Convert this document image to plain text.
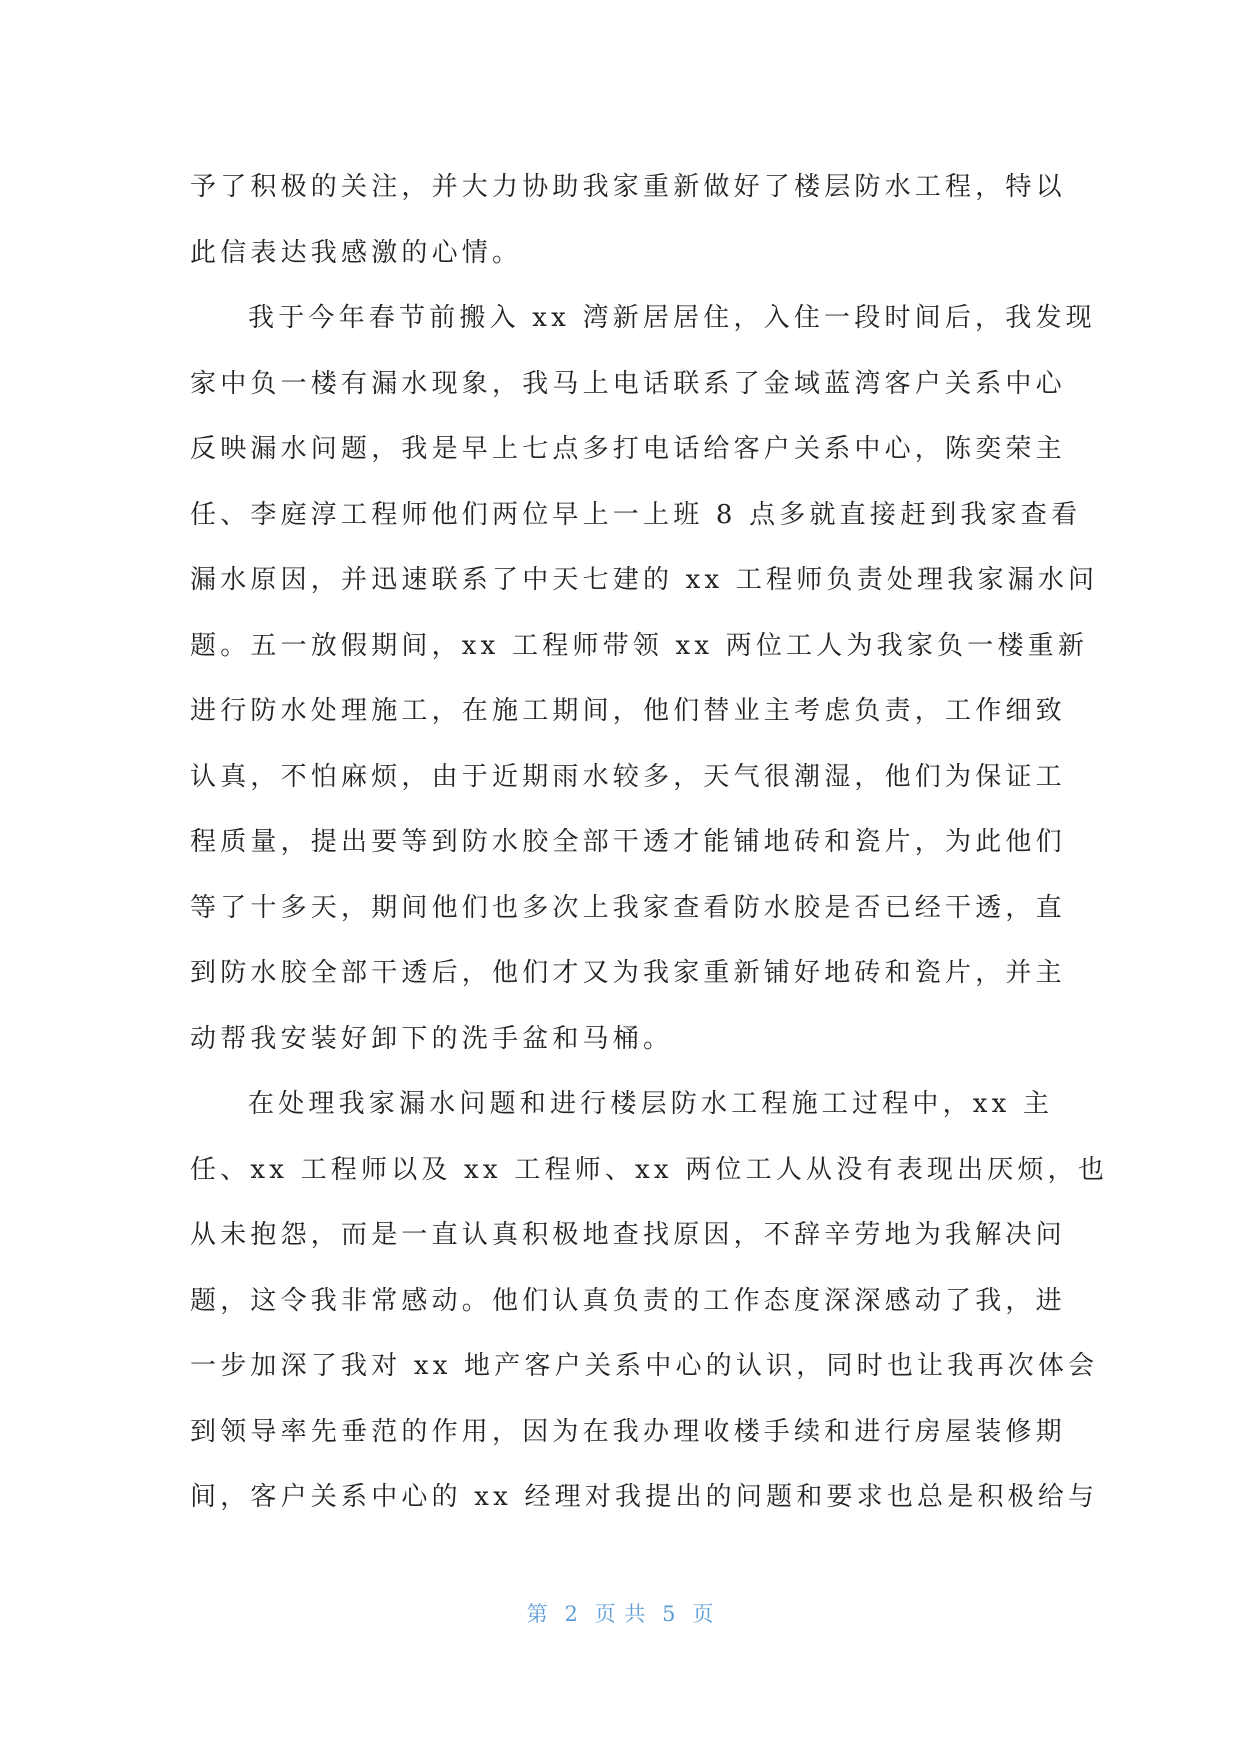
予了积极的关注，并大力协助我家重新做好了楼层防水工程，特以
此信表达我感激的心情。
我于今年春节前搬入 xx 湾新居居住，入住一段时间后，我发现
家中负一楼有漏水现象，我马上电话联系了金域蓝湾客户关系中心
反映漏水问题，我是早上七点多打电话给客户关系中心，陈奕荣主
任、李庭淳工程师他们两位早上一上班 8 点多就直接赶到我家查看
漏水原因，并迅速联系了中天七建的 xx 工程师负责处理我家漏水问
题。五一放假期间，xx 工程师带领 xx 两位工人为我家负一楼重新
进行防水处理施工，在施工期间，他们替业主考虑负责，工作细致
认真，不怕麻烦，由于近期雨水较多，天气很潮湿，他们为保证工
程质量，提出要等到防水胶全部干透才能铺地砖和瓷片，为此他们
等了十多天，期间他们也多次上我家查看防水胶是否已经干透，直
到防水胶全部干透后，他们才又为我家重新铺好地砖和瓷片，并主
动帮我安装好卸下的洗手盆和马桶。
在处理我家漏水问题和进行楼层防水工程施工过程中，xx 主
任、xx 工程师以及 xx 工程师、xx 两位工人从没有表现出厌烦，也
从未抱怨，而是一直认真积极地查找原因，不辞辛劳地为我解决问
题，这令我非常感动。他们认真负责的工作态度深深感动了我，进
一步加深了我对 xx 地产客户关系中心的认识，同时也让我再次体会
到领导率先垂范的作用，因为在我办理收楼手续和进行房屋装修期
间，客户关系中心的 xx 经理对我提出的问题和要求也总是积极给与
第 2 页 共 5 页
